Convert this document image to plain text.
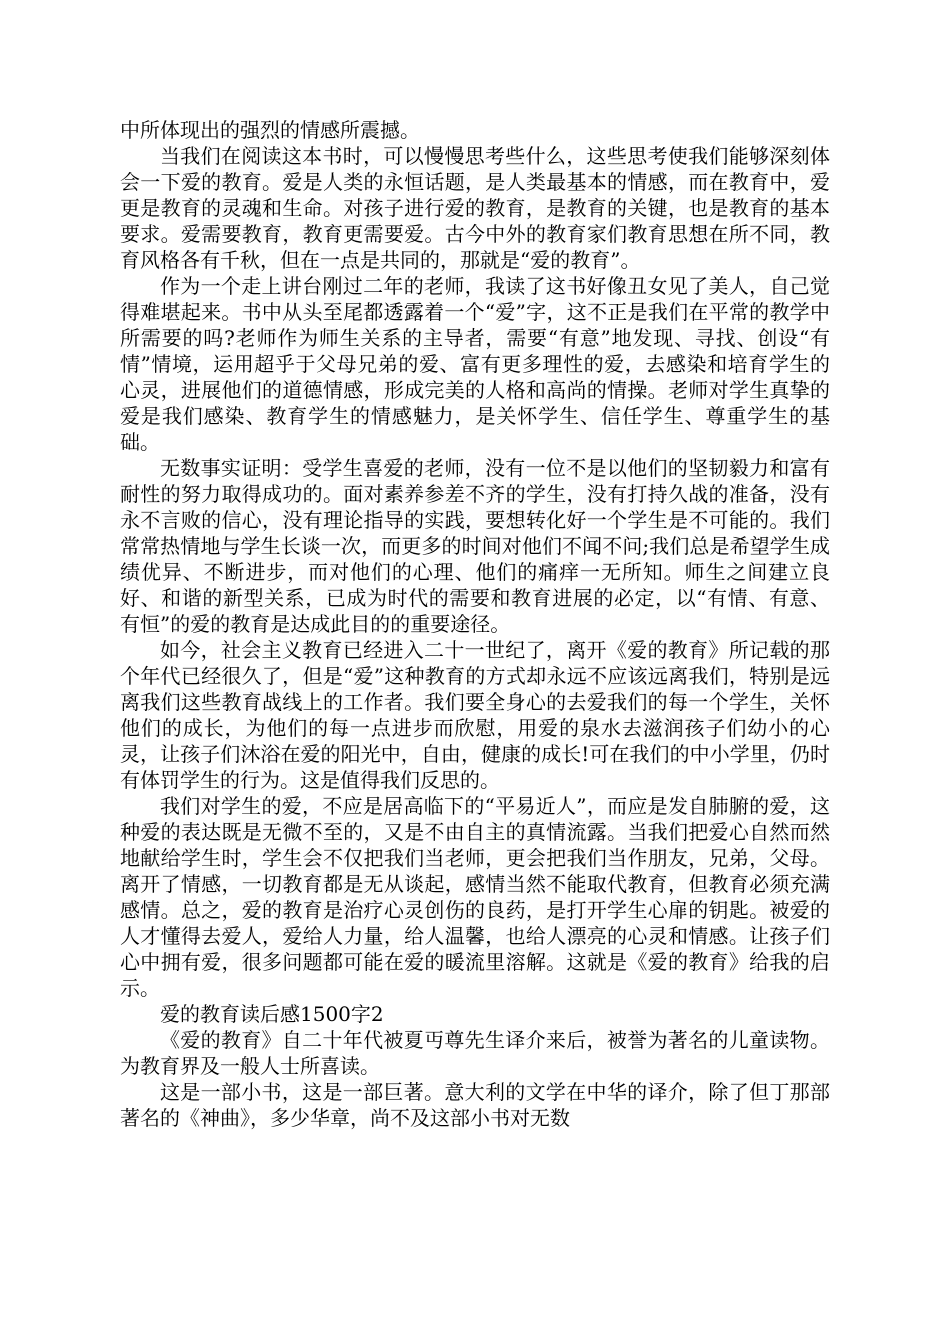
中所体现出的强烈的情感所震撼。

当我们在阅读这本书时，可以慢慢思考些什么，这些思考使我们能够深刻体会一下爱的教育。爱是人类的永恒话题，是人类最基本的情感，而在教育中，爱更是教育的灵魂和生命。对孩子进行爱的教育，是教育的关键，也是教育的基本要求。爱需要教育，教育更需要爱。古今中外的教育家们教育思想在所不同，教育风格各有千秋，但在一点是共同的，那就是“爱的教育”。

作为一个走上讲台刚过二年的老师，我读了这书好像丑女见了美人，自己觉得难堪起来。书中从头至尾都透露着一个“爱”字，这不正是我们在平常的教学中所需要的吗?老师作为师生关系的主导者，需要“有意”地发现、寻找、创设“有情”情境，运用超乎于父母兄弟的爱、富有更多理性的爱，去感染和培育学生的心灵，进展他们的道德情感，形成完美的人格和高尚的情操。老师对学生真挚的爱是我们感染、教育学生的情感魅力，是关怀学生、信任学生、尊重学生的基础。

无数事实证明：受学生喜爱的老师，没有一位不是以他们的坚韧毅力和富有耐性的努力取得成功的。面对素养参差不齐的学生，没有打持久战的准备，没有永不言败的信心，没有理论指导的实践，要想转化好一个学生是不可能的。我们常常热情地与学生长谈一次，而更多的时间对他们不闻不问;我们总是希望学生成绩优异、不断进步，而对他们的心理、他们的痛痒一无所知。师生之间建立良好、和谐的新型关系，已成为时代的需要和教育进展的必定，以“有情、有意、有恒”的爱的教育是达成此目的的重要途径。

如今，社会主义教育已经进入二十一世纪了，离开《爱的教育》所记载的那个年代已经很久了，但是“爱”这种教育的方式却永远不应该远离我们，特别是远离我们这些教育战线上的工作者。我们要全身心的去爱我们的每一个学生，关怀他们的成长，为他们的每一点进步而欣慰，用爱的泉水去滋润孩子们幼小的心灵，让孩子们沐浴在爱的阳光中，自由，健康的成长!可在我们的中小学里，仍时有体罚学生的行为。这是值得我们反思的。

我们对学生的爱，不应是居高临下的“平易近人”，而应是发自肺腑的爱，这种爱的表达既是无微不至的，又是不由自主的真情流露。当我们把爱心自然而然地献给学生时，学生会不仅把我们当老师，更会把我们当作朋友，兄弟，父母。离开了情感，一切教育都是无从谈起，感情当然不能取代教育，但教育必须充满感情。总之，爱的教育是治疗心灵创伤的良药，是打开学生心扉的钥匙。被爱的人才懂得去爱人，爱给人力量，给人温馨，也给人漂亮的心灵和情感。让孩子们心中拥有爱，很多问题都可能在爱的暖流里溶解。这就是《爱的教育》给我的启示。

爱的教育读后感1500字2

《爱的教育》自二十年代被夏丏尊先生译介来后，被誉为著名的儿童读物。为教育界及一般人士所喜读。

这是一部小书，这是一部巨著。意大利的文学在中华的译介，除了但丁那部著名的《神曲》，多少华章，尚不及这部小书对无数
